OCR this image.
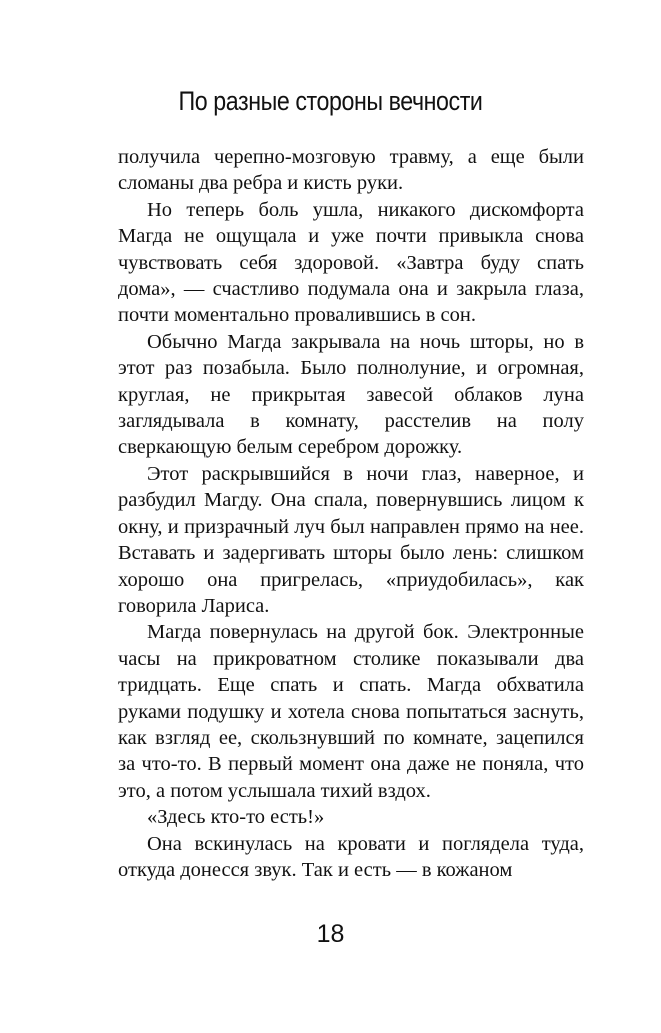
По разные стороны вечности

получила черепно-мозговую травму, а еще были сломаны два ребра и кисть руки.

Но теперь боль ушла, никакого дискомфорта Магда не ощущала и уже почти привыкла снова чувствовать себя здоровой. «Завтра буду спать дома», — счастливо подумала она и закрыла глаза, почти моментально провалившись в сон.

Обычно Магда закрывала на ночь шторы, но в этот раз позабыла. Было полнолуние, и огромная, круглая, не прикрытая завесой облаков луна заглядывала в комнату, расстелив на полу сверкающую белым серебром дорожку.

Этот раскрывшийся в ночи глаз, наверное, и разбудил Магду. Она спала, повернувшись лицом к окну, и призрачный луч был направлен прямо на нее. Вставать и задергивать шторы было лень: слишком хорошо она пригрелась, «приудобилась», как говорила Лариса.

Магда повернулась на другой бок. Электронные часы на прикроватном столике показывали два тридцать. Еще спать и спать. Магда обхватила руками подушку и хотела снова попытаться заснуть, как взгляд ее, скользнувший по комнате, зацепился за что-то. В первый момент она даже не поняла, что это, а потом услышала тихий вздох.

«Здесь кто-то есть!»

Она вскинулась на кровати и поглядела туда, откуда донесся звук. Так и есть — в кожаном

18
